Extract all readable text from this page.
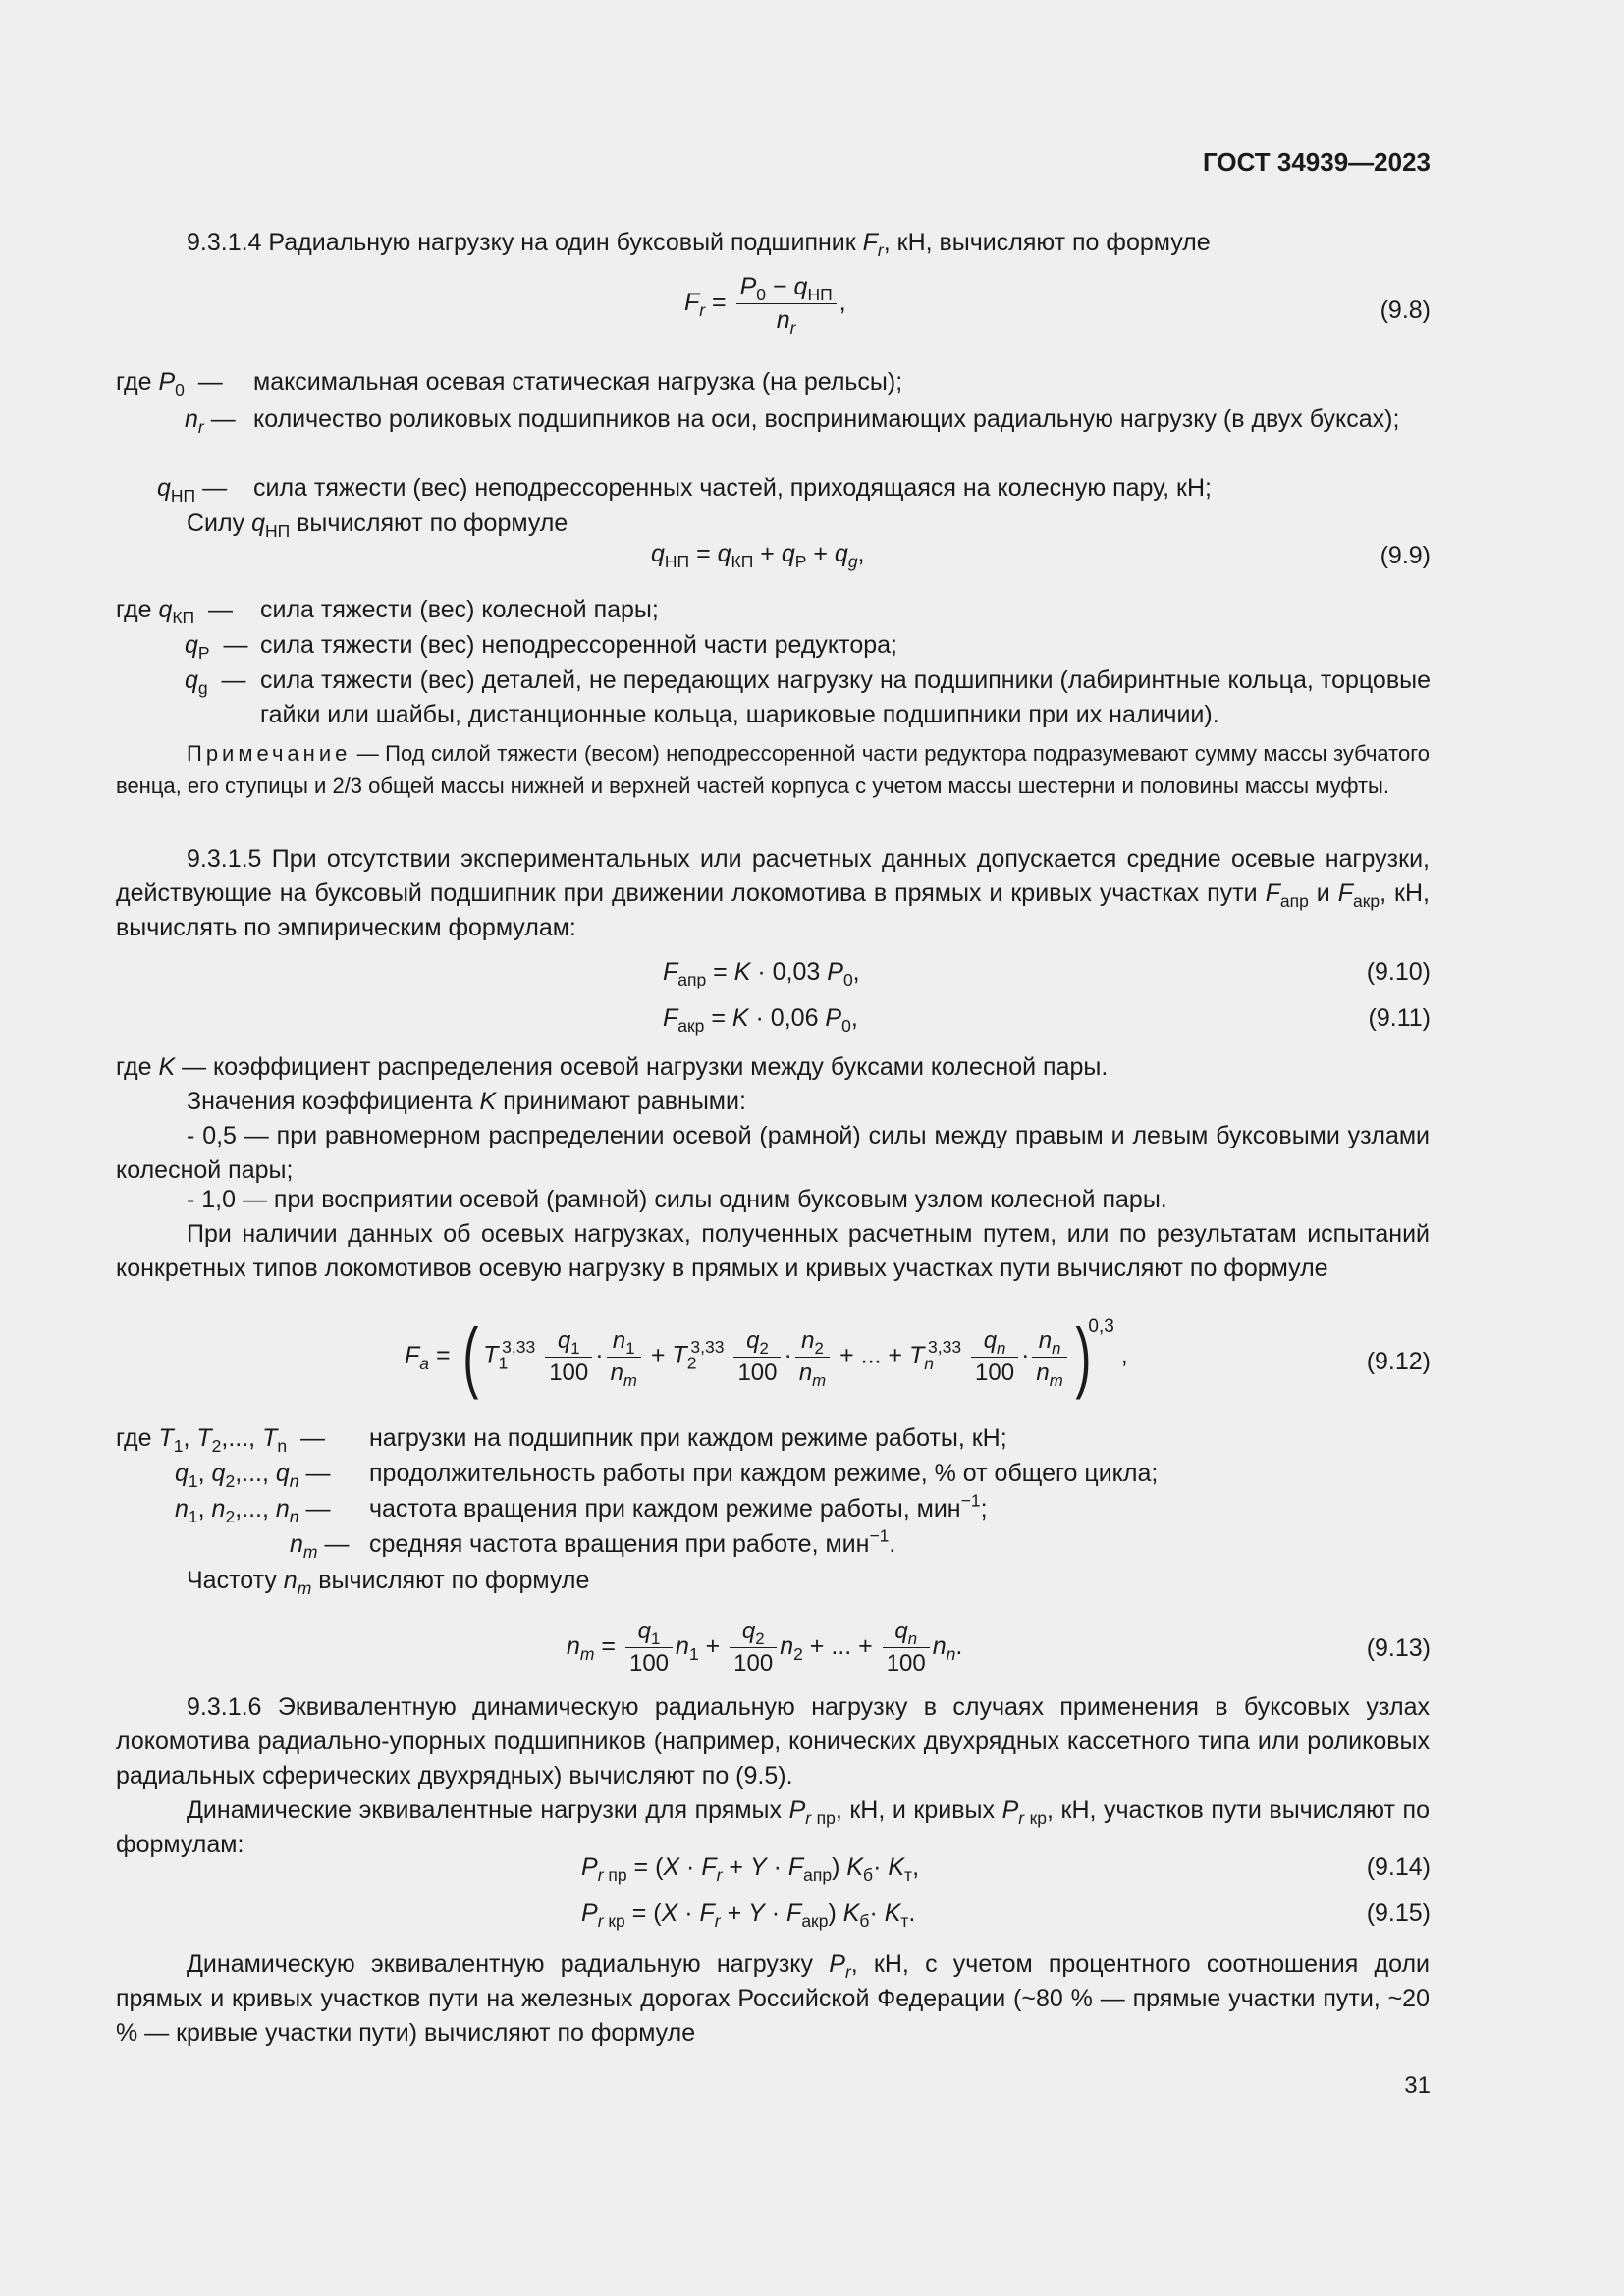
ГОСТ 34939—2023
9.3.1.4 Радиальную нагрузку на один буксовый подшипник $F_r$, кН, вычисляют по формуле
$F_r = \frac{P_0 - q_{НП}}{n_r}$ ,	(9.8)
где $P_0$ — максимальная осевая статическая нагрузка (на рельсы);
$n_r$ — количество роликовых подшипников на оси, воспринимающих радиальную нагрузку (в двух буксах);
$q_{НП}$ — сила тяжести (вес) неподрессоренных частей, приходящаяся на колесную пару, кН;
Силу $q_{НП}$ вычисляют по формуле
$q_{НП} = q_{КП} + q_Р + q_g$,	(9.9)
где $q_{КП}$ — сила тяжести (вес) колесной пары;
$q_Р$ — сила тяжести (вес) неподрессоренной части редуктора;
$q_g$ — сила тяжести (вес) деталей, не передающих нагрузку на подшипники (лабиринтные кольца, торцовые гайки или шайбы, дистанционные кольца, шариковые подшипники при их наличии).
Примечание — Под силой тяжести (весом) неподрессоренной части редуктора подразумевают сумму массы зубчатого венца, его ступицы и 2/3 общей массы нижней и верхней частей корпуса с учетом массы шестерни и половины массы муфты.
9.3.1.5 При отсутствии экспериментальных или расчетных данных допускается средние осевые нагрузки, действующие на буксовый подшипник при движении локомотива в прямых и кривых участках пути $F_{апр}$ и $F_{акр}$, кН, вычислять по эмпирическим формулам:
$F_{апр} = K \cdot 0,03$ $P_0$,	(9.10)
$F_{акр} = K \cdot 0,06$ $P_0$,	(9.11)
где K — коэффициент распределения осевой нагрузки между буксами колесной пары.
Значения коэффициента K принимают равными:
- 0,5 — при равномерном распределении осевой (рамной) силы между правым и левым буксовыми узлами колесной пары;
- 1,0 — при восприятии осевой (рамной) силы одним буксовым узлом колесной пары.
При наличии данных об осевых нагрузках, полученных расчетным путем, или по результатам испытаний конкретных типов локомотивов осевую нагрузку в прямых и кривых участках пути вычисляют по формуле
$F_a$ = ( $T_1^{3,33} \frac{q_1}{100} \cdot \frac{n_1}{n_m} + T_2^{3,33} \frac{q_2}{100} \cdot \frac{n_2}{n_m}$ + ... + $T_n^{3,33} \frac{q_n}{100} \cdot \frac{n_n}{n_m} )^{0,3}$ ,	(9.12)
где $T_1$, $T_2$,..., $T_n$ — нагрузки на подшипник при каждом режиме работы, кН;
$q_1$, $q_2$,..., $q_n$ — продолжительность работы при каждом режиме, % от общего цикла;
$n_1$, $n_2$,..., $n_n$ — частота вращения при каждом режиме работы, мин$^{-1}$;
$n_m$ — средняя частота вращения при работе, мин$^{-1}$.
Частоту $n_m$ вычисляют по формуле
$n_m = \frac{q_1}{100} n_1 + \frac{q_2}{100} n_2$ + ... + $\frac{q_n}{100} n_n$.	(9.13)
9.3.1.6 Эквивалентную динамическую радиальную нагрузку в случаях применения в буксовых узлах локомотива радиально-упорных подшипников (например, конических двухрядных кассетного типа или роликовых радиальных сферических двухрядных) вычисляют по (9.5).
Динамические эквивалентные нагрузки для прямых $P_r$ $_{пр}$, кН, и кривых $P_r$ $_{кр}$, кН, участков пути вычисляют по формулам:
$P_r$ $_{пр} = (X \cdot F_r + Y \cdot F_{апр})$ $K_б\cdot K_т$,	(9.14)
$P_r$ $_{кр} = (X \cdot F_r + Y \cdot F_{акр})$ $K_б\cdot K_т$.	(9.15)
Динамическую эквивалентную радиальную нагрузку $P_r$, кН, с учетом процентного соотношения доли прямых и кривых участков пути на железных дорогах Российской Федерации (~80 % — прямые участки пути, ~20 % — кривые участки пути) вычисляют по формуле
31
